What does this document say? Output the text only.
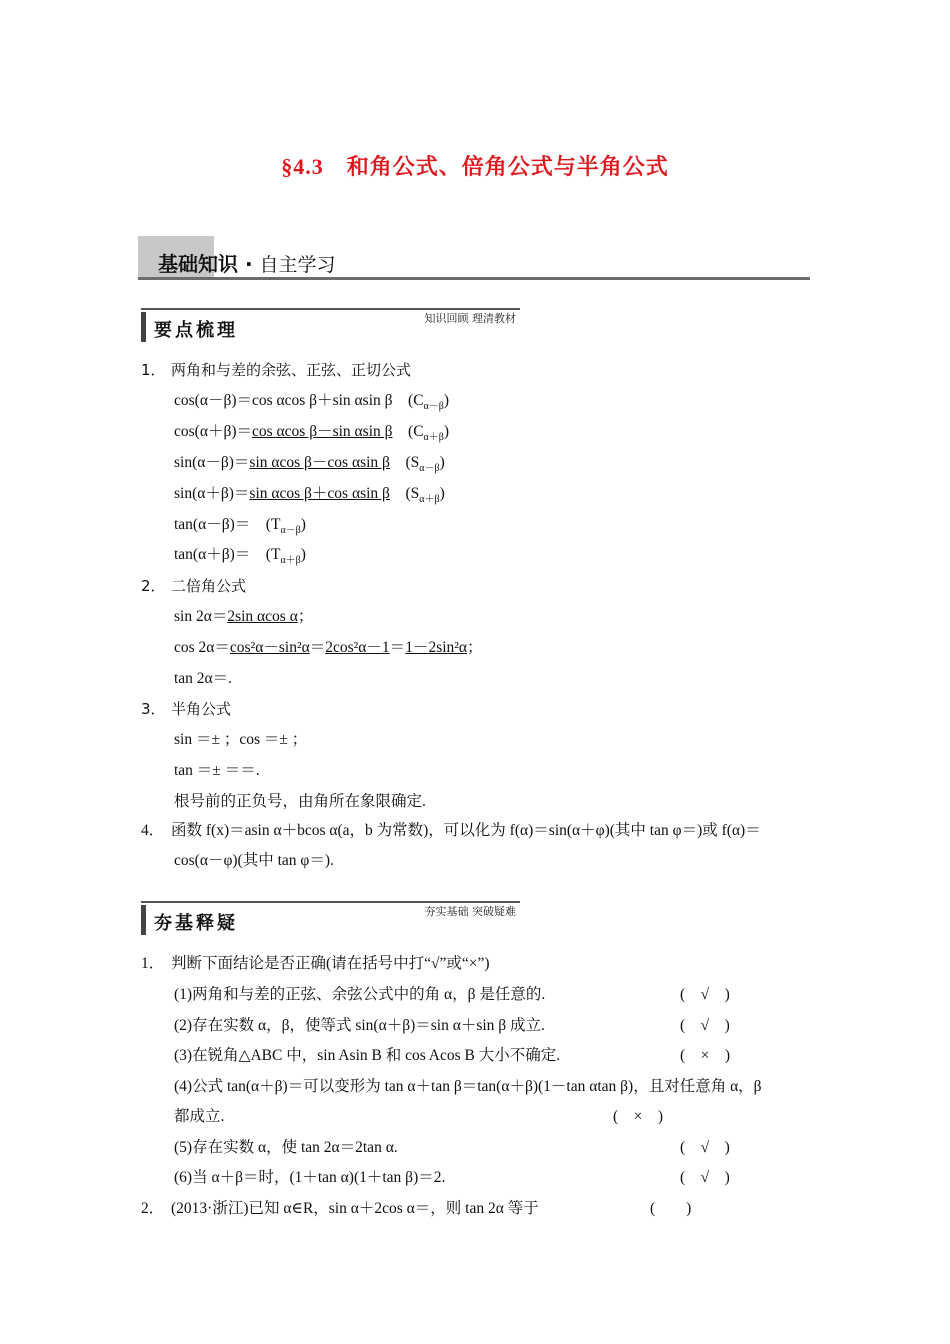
§4.3　和角公式、倍角公式与半角公式
基础知识 · 自主学习
要点梳理
知识回顾 理清教材
1． 两角和与差的余弦、正弦、正切公式
cos(α－β)＝cos αcos β＋sin αsin β　 $(C_{\alpha-\beta})$
cos(α＋β)＝cos αcos β－sin αsin β　 $(C_{\alpha+\beta})$
sin(α－β)＝sin αcos β－cos αsin β　 $(S_{\alpha-\beta})$
sin(α＋β)＝sin αcos β＋cos αsin β　 $(S_{\alpha+\beta})$
tan(α－β)＝　 $(T_{\alpha-\beta})$
tan(α＋β)＝　 $(T_{\alpha+\beta})$
2． 二倍角公式
sin 2α＝2sin αcos α；
cos 2α＝cos²α－sin²α＝2cos²α－1＝1－2sin²α；
tan 2α＝.
3． 半角公式
sin ＝± ；cos ＝± ；
tan ＝± ＝＝.
根号前的正负号，由角所在象限确定.
4． 函数 f(x)＝asin α＋bcos α(a，b 为常数)，可以化为 f(α)＝sin(α＋φ)(其中 tan φ＝)或 f(α)＝
cos(α－φ)(其中 tan φ＝).
夯基释疑
夯实基础 突破疑难
1． 判断下面结论是否正确(请在括号中打“√”或“×”)
(1)两角和与差的正弦、余弦公式中的角 α，β 是任意的.	(　√　)
(2)存在实数 α，β，使等式 sin(α＋β)＝sin α＋sin β 成立.	(　√　)
(3)在锐角△ABC 中，sin Asin B 和 cos Acos B 大小不确定.	(　×　)
(4)公式 tan(α＋β)＝可以变形为 tan α＋tan β＝tan(α＋β)(1－tan αtan β)，且对任意角 α，β
都成立.	(　×　)
(5)存在实数 α，使 tan 2α＝2tan α.	(　√　)
(6)当 α＋β＝时，(1＋tan α)(1＋tan β)＝2.	(　√　)
2． (2013·浙江)已知 α∈R，sin α＋2cos α＝，则 tan 2α 等于	(　　)
